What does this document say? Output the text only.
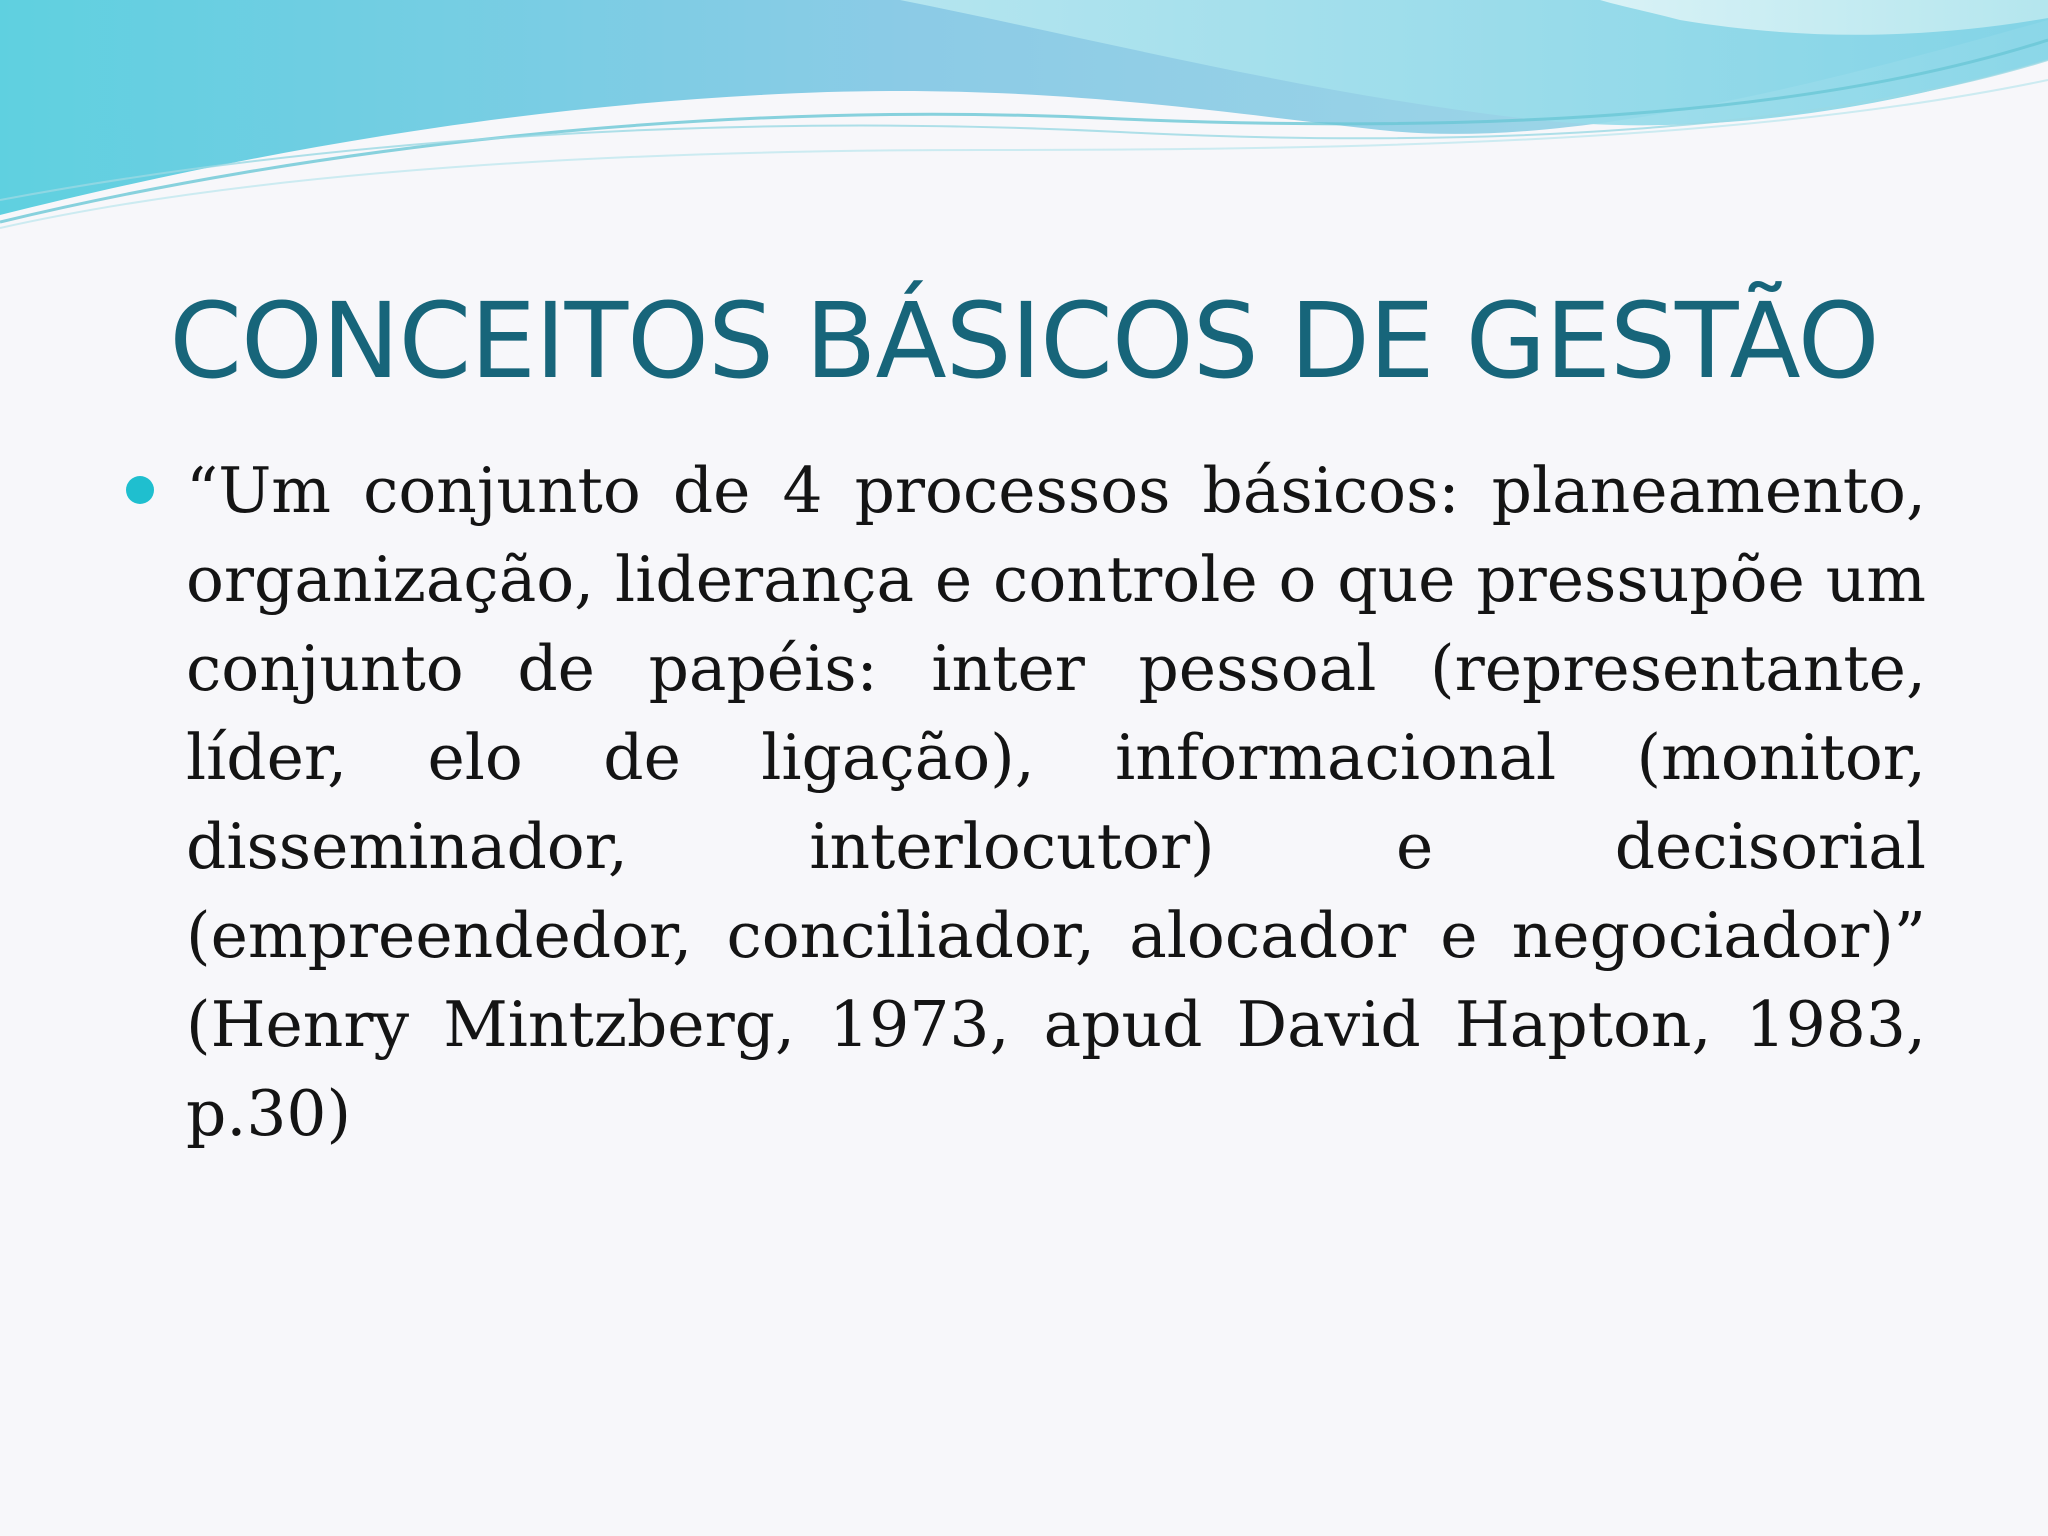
CONCEITOS BÁSICOS DE GESTÃO

“Um conjunto de 4 processos básicos: planeamento, organização, liderança e controle o que pressupõe um conjunto de papéis: inter pessoal (representante, líder, elo de ligação), informacional (monitor, disseminador, interlocutor) e decisorial (empreendedor, conciliador, alocador e negociador)” (Henry Mintzberg, 1973, apud David Hapton, 1983, p.30)
